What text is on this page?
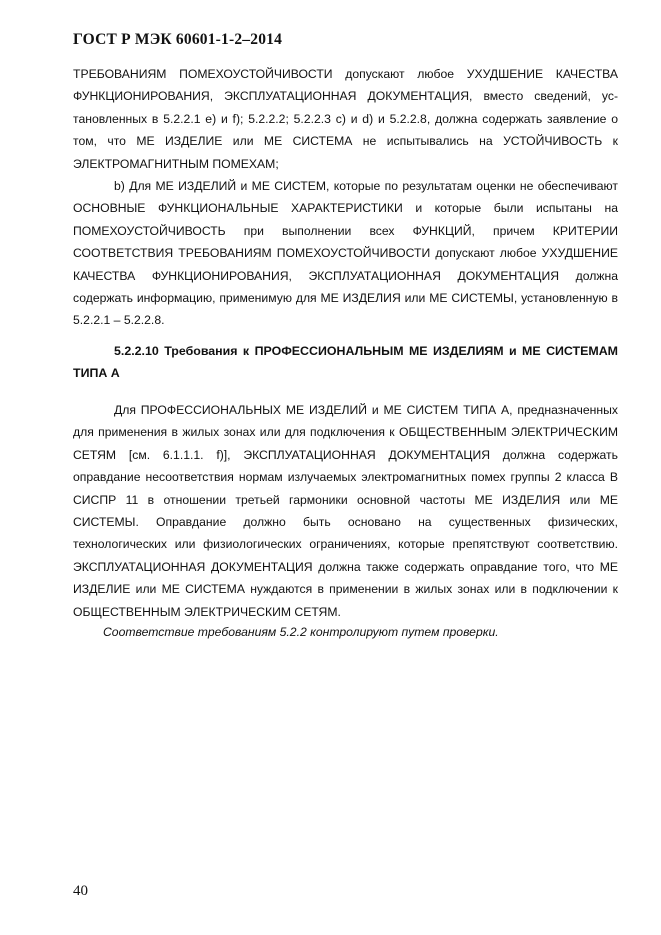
ГОСТ Р МЭК 60601-1-2–2014
ТРЕБОВАНИЯМ ПОМЕХОУСТОЙЧИВОСТИ допускают любое УХУДШЕНИЕ КАЧЕСТВА ФУНКЦИОНИРОВАНИЯ, ЭКСПЛУАТАЦИОННАЯ ДОКУМЕНТАЦИЯ, вместо сведений, установленных в 5.2.2.1 е) и f); 5.2.2.2; 5.2.2.3 с) и d) и 5.2.2.8, должна содержать заявление о том, что МЕ ИЗДЕЛИЕ или МЕ СИСТЕМА не испытывались на УСТОЙЧИВОСТЬ к ЭЛЕКТРОМАГНИТНЫМ ПОМЕХАМ;
b) Для МЕ ИЗДЕЛИЙ и МЕ СИСТЕМ, которые по результатам оценки не обеспечивают ОСНОВНЫЕ ФУНКЦИОНАЛЬНЫЕ ХАРАКТЕРИСТИКИ и которые были испытаны на ПОМЕХОУСТОЙЧИВОСТЬ при выполнении всех ФУНКЦИЙ, причем КРИТЕРИИ СООТВЕТСТВИЯ ТРЕБОВАНИЯМ ПОМЕХОУСТОЙЧИВОСТИ допускают любое УХУДШЕНИЕ КАЧЕСТВА ФУНКЦИОНИРОВАНИЯ, ЭКСПЛУАТАЦИОННАЯ ДОКУМЕНТАЦИЯ должна содержать информацию, применимую для МЕ ИЗДЕЛИЯ или МЕ СИСТЕМЫ, установленную в 5.2.2.1 – 5.2.2.8.
5.2.2.10 Требования к ПРОФЕССИОНАЛЬНЫМ МЕ ИЗДЕЛИЯМ и МЕ СИСТЕМАМ ТИПА А
Для ПРОФЕССИОНАЛЬНЫХ МЕ ИЗДЕЛИЙ и МЕ СИСТЕМ ТИПА А, предназначенных для применения в жилых зонах или для подключения к ОБЩЕСТВЕННЫМ ЭЛЕКТРИЧЕСКИМ СЕТЯМ [см. 6.1.1.1. f)], ЭКСПЛУАТАЦИОННАЯ ДОКУМЕНТАЦИЯ должна содержать оправдание несоответствия нормам излучаемых электромагнитных помех группы 2 класса В СИСПР 11 в отношении третьей гармоники основной частоты МЕ ИЗДЕЛИЯ или МЕ СИСТЕМЫ. Оправдание должно быть основано на существенных физических, технологических или физиологических ограничениях, которые препятствуют соответствию. ЭКСПЛУАТАЦИОННАЯ ДОКУМЕНТАЦИЯ должна также содержать оправдание того, что МЕ ИЗДЕЛИЕ или МЕ СИСТЕМА нуждаются в применении в жилых зонах или в подключении к ОБЩЕСТВЕННЫМ ЭЛЕКТРИЧЕСКИМ СЕТЯМ.
Соответствие требованиям 5.2.2 контролируют путем проверки.
40
